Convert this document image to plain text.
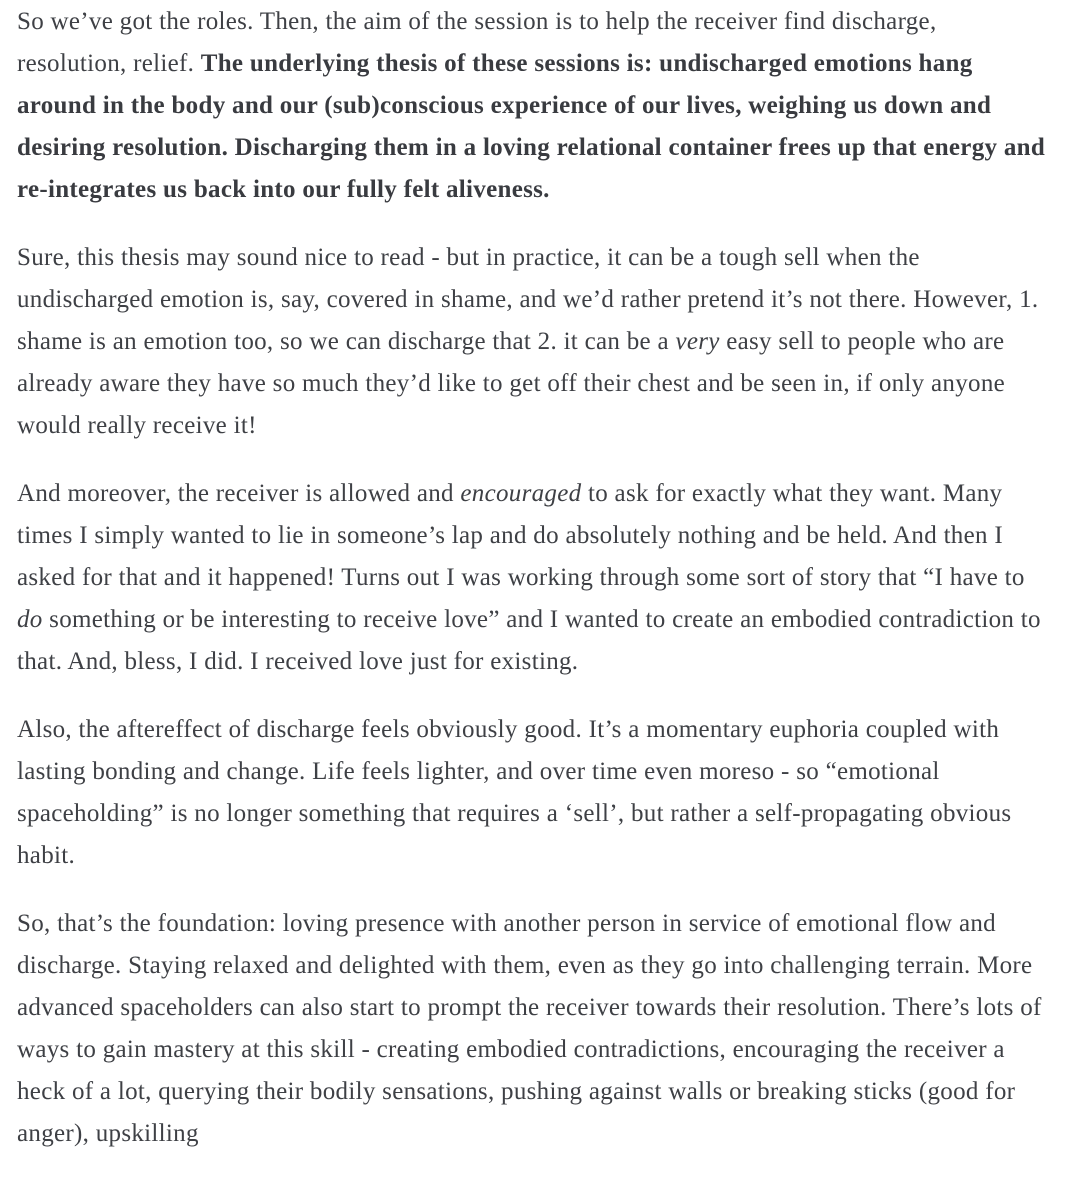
So we’ve got the roles. Then, the aim of the session is to help the receiver find discharge, resolution, relief. The underlying thesis of these sessions is: undischarged emotions hang around in the body and our (sub)conscious experience of our lives, weighing us down and desiring resolution. Discharging them in a loving relational container frees up that energy and re-integrates us back into our fully felt aliveness.

Sure, this thesis may sound nice to read - but in practice, it can be a tough sell when the undischarged emotion is, say, covered in shame, and we’d rather pretend it’s not there. However, 1. shame is an emotion too, so we can discharge that 2. it can be a very easy sell to people who are already aware they have so much they’d like to get off their chest and be seen in, if only anyone would really receive it!

And moreover, the receiver is allowed and encouraged to ask for exactly what they want. Many times I simply wanted to lie in someone’s lap and do absolutely nothing and be held. And then I asked for that and it happened! Turns out I was working through some sort of story that “I have to do something or be interesting to receive love” and I wanted to create an embodied contradiction to that. And, bless, I did. I received love just for existing.

Also, the aftereffect of discharge feels obviously good. It’s a momentary euphoria coupled with lasting bonding and change. Life feels lighter, and over time even moreso - so “emotional spaceholding” is no longer something that requires a ‘sell’, but rather a self-propagating obvious habit.

So, that’s the foundation: loving presence with another person in service of emotional flow and discharge. Staying relaxed and delighted with them, even as they go into challenging terrain. More advanced spaceholders can also start to prompt the receiver towards their resolution. There’s lots of ways to gain mastery at this skill - creating embodied contradictions, encouraging the receiver a heck of a lot, querying their bodily sensations, pushing against walls or breaking sticks (good for anger), upskilling
